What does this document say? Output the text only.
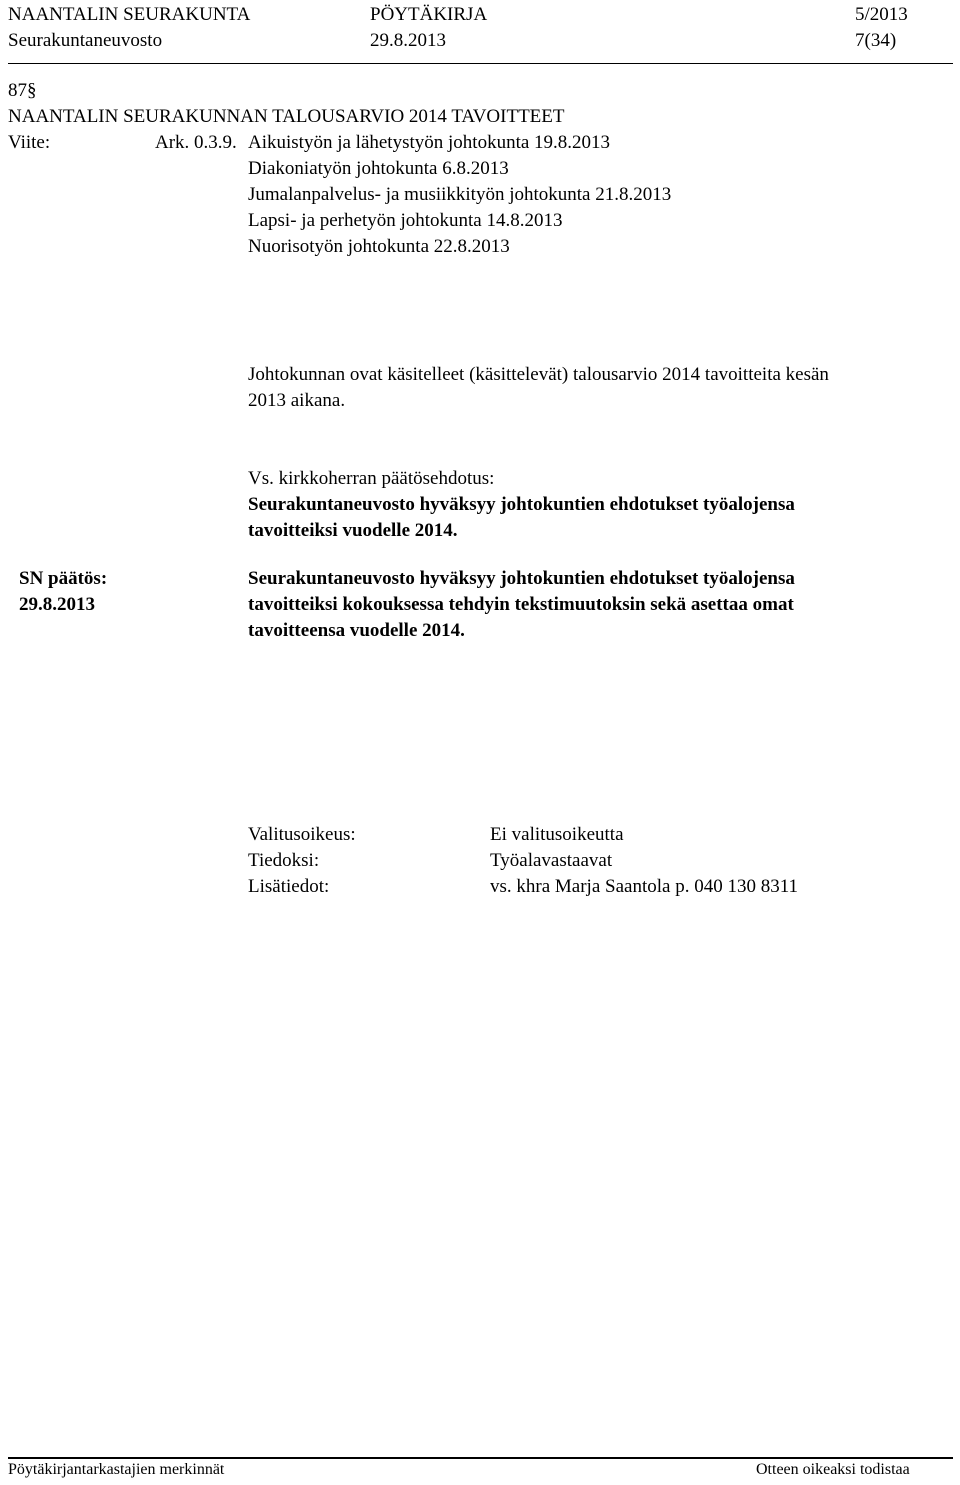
NAANTALIN SEURAKUNTA	PÖYTÄKIRJA	5/2013
Seurakuntaneuvosto	29.8.2013	7(34)
87§
NAANTALIN SEURAKUNNAN TALOUSARVIO 2014 TAVOITTEET
Viite:	Ark. 0.3.9. Aikuistyön ja lähetystyön johtokunta 19.8.2013
Diakoniatyön johtokunta 6.8.2013
Jumalanpalvelus- ja musiikkityön johtokunta 21.8.2013
Lapsi- ja perhetyön johtokunta 14.8.2013
Nuorisotyön johtokunta 22.8.2013
Johtokunnan ovat käsitelleet (käsittelevät) talousarvio 2014 tavoitteita kesän
2013 aikana.
Vs. kirkkoherran päätösehdotus:
Seurakuntaneuvosto hyväksyy johtokuntien ehdotukset työalojensa
tavoitteiksi vuodelle 2014.
SN päätös:
29.8.2013
Seurakuntaneuvosto hyväksyy johtokuntien ehdotukset työalojensa
tavoitteiksi kokouksessa tehdyin tekstimuutoksin sekä asettaa omat
tavoitteensa vuodelle 2014.
Valitusoikeus:	Ei valitusoikeutta
Tiedoksi:	Työalavastaavat
Lisätiedot:	vs. khra Marja Saantola p. 040 130 8311
Pöytäkirjantarkastajien merkinnät	Otteen oikeaksi todistaa
